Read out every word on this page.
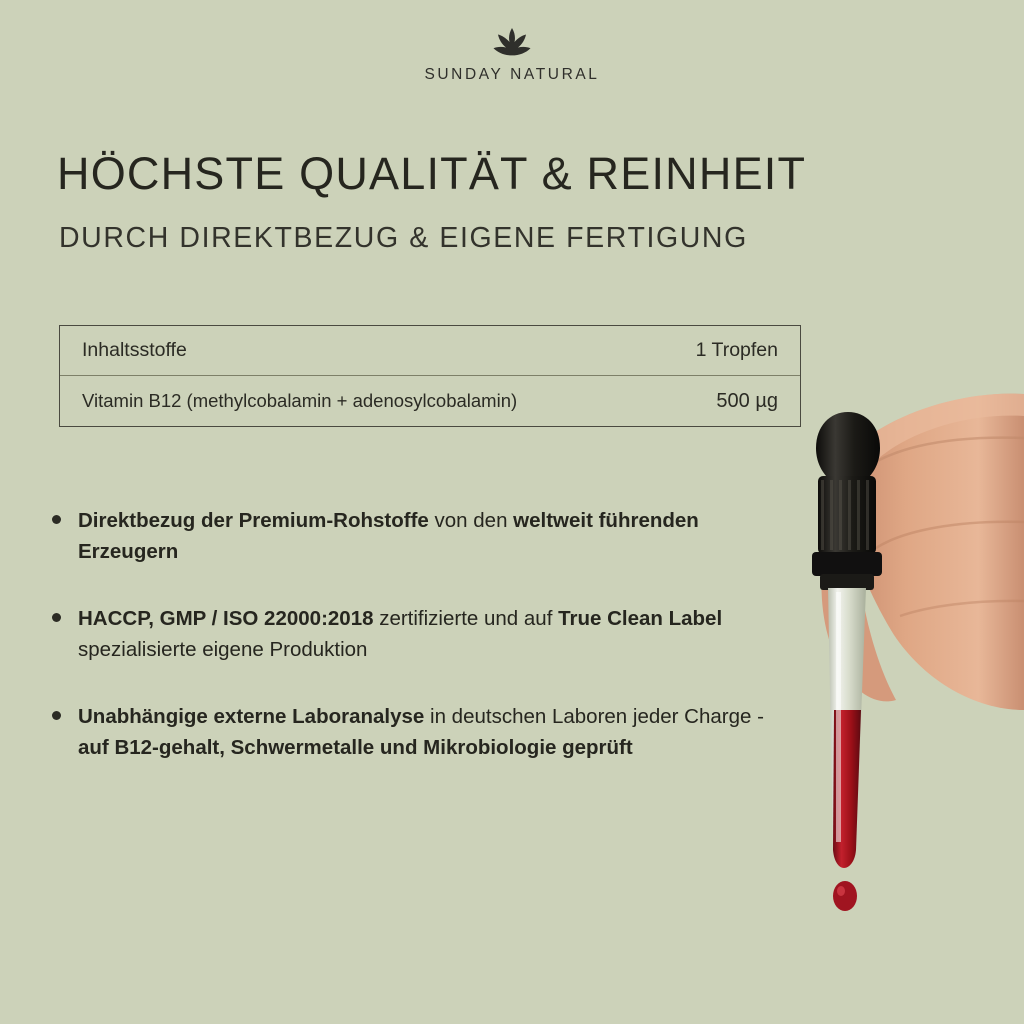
SUNDAY NATURAL
HÖCHSTE QUALITÄT & REINHEIT
DURCH DIREKTBEZUG & EIGENE FERTIGUNG
Inhaltsstoffe	1 Tropfen
Vitamin B12 (methylcobalamin + adenosylcobalamin)	500 µg
Direktbezug der Premium-Rohstoffe von den weltweit führenden Erzeugern
HACCP, GMP / ISO 22000:2018 zertifizierte und auf True Clean Label spezialisierte eigene Produktion
Unabhängige externe Laboranalyse in deutschen Laboren jeder Charge - auf B12-gehalt, Schwermetalle und Mikrobiologie geprüft
